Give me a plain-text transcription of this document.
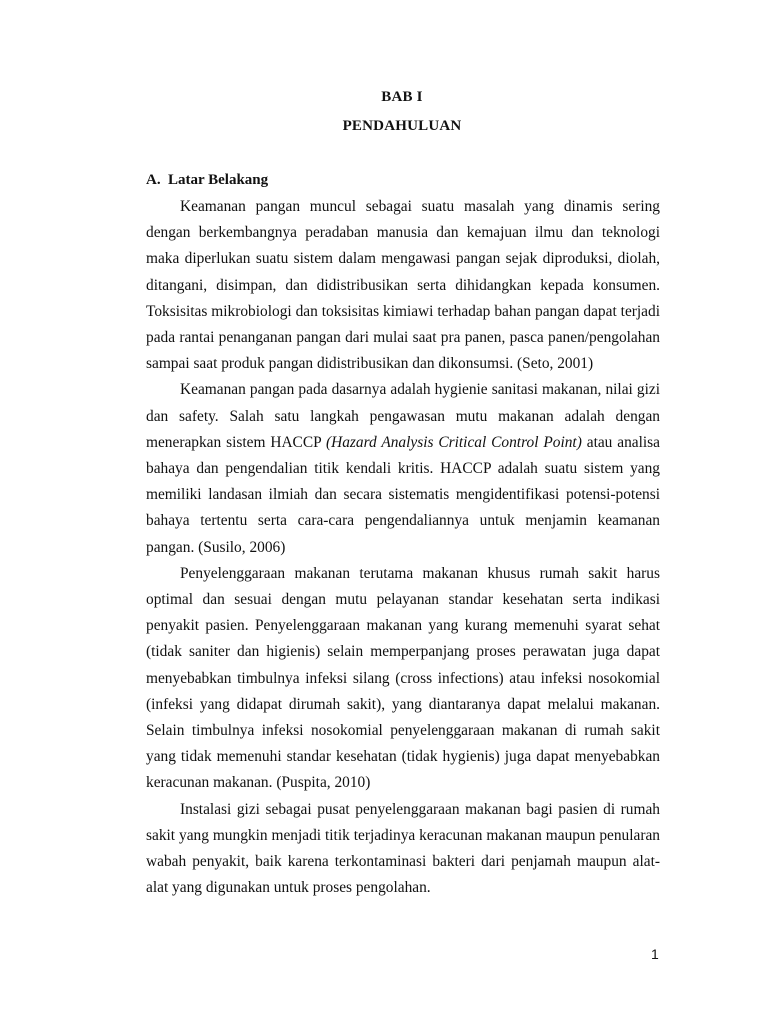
BAB I
PENDAHULUAN
A. Latar Belakang

Keamanan pangan muncul sebagai suatu masalah yang dinamis sering dengan berkembangnya peradaban manusia dan kemajuan ilmu dan teknologi maka diperlukan suatu sistem dalam mengawasi pangan sejak diproduksi, diolah, ditangani, disimpan, dan didistribusikan serta dihidangkan kepada konsumen. Toksisitas mikrobiologi dan toksisitas kimiawi terhadap bahan pangan dapat terjadi pada rantai penanganan pangan dari mulai saat pra panen, pasca panen/pengolahan sampai saat produk pangan didistribusikan dan dikonsumsi. (Seto, 2001)

Keamanan pangan pada dasarnya adalah hygienie sanitasi makanan, nilai gizi dan safety. Salah satu langkah pengawasan mutu makanan adalah dengan menerapkan sistem HACCP (Hazard Analysis Critical Control Point) atau analisa bahaya dan pengendalian titik kendali kritis. HACCP adalah suatu sistem yang memiliki landasan ilmiah dan secara sistematis mengidentifikasi potensi-potensi bahaya tertentu serta cara-cara pengendaliannya untuk menjamin keamanan pangan. (Susilo, 2006)

Penyelenggaraan makanan terutama makanan khusus rumah sakit harus optimal dan sesuai dengan mutu pelayanan standar kesehatan serta indikasi penyakit pasien. Penyelenggaraan makanan yang kurang memenuhi syarat sehat (tidak saniter dan higienis) selain memperpanjang proses perawatan juga dapat menyebabkan timbulnya infeksi silang (cross infections) atau infeksi nosokomial (infeksi yang didapat dirumah sakit), yang diantaranya dapat melalui makanan. Selain timbulnya infeksi nosokomial penyelenggaraan makanan di rumah sakit yang tidak memenuhi standar kesehatan (tidak hygienis) juga dapat menyebabkan keracunan makanan. (Puspita, 2010)

Instalasi gizi sebagai pusat penyelenggaraan makanan bagi pasien di rumah sakit yang mungkin menjadi titik terjadinya keracunan makanan maupun penularan wabah penyakit, baik karena terkontaminasi bakteri dari penjamah maupun alat-alat yang digunakan untuk proses pengolahan.

1
